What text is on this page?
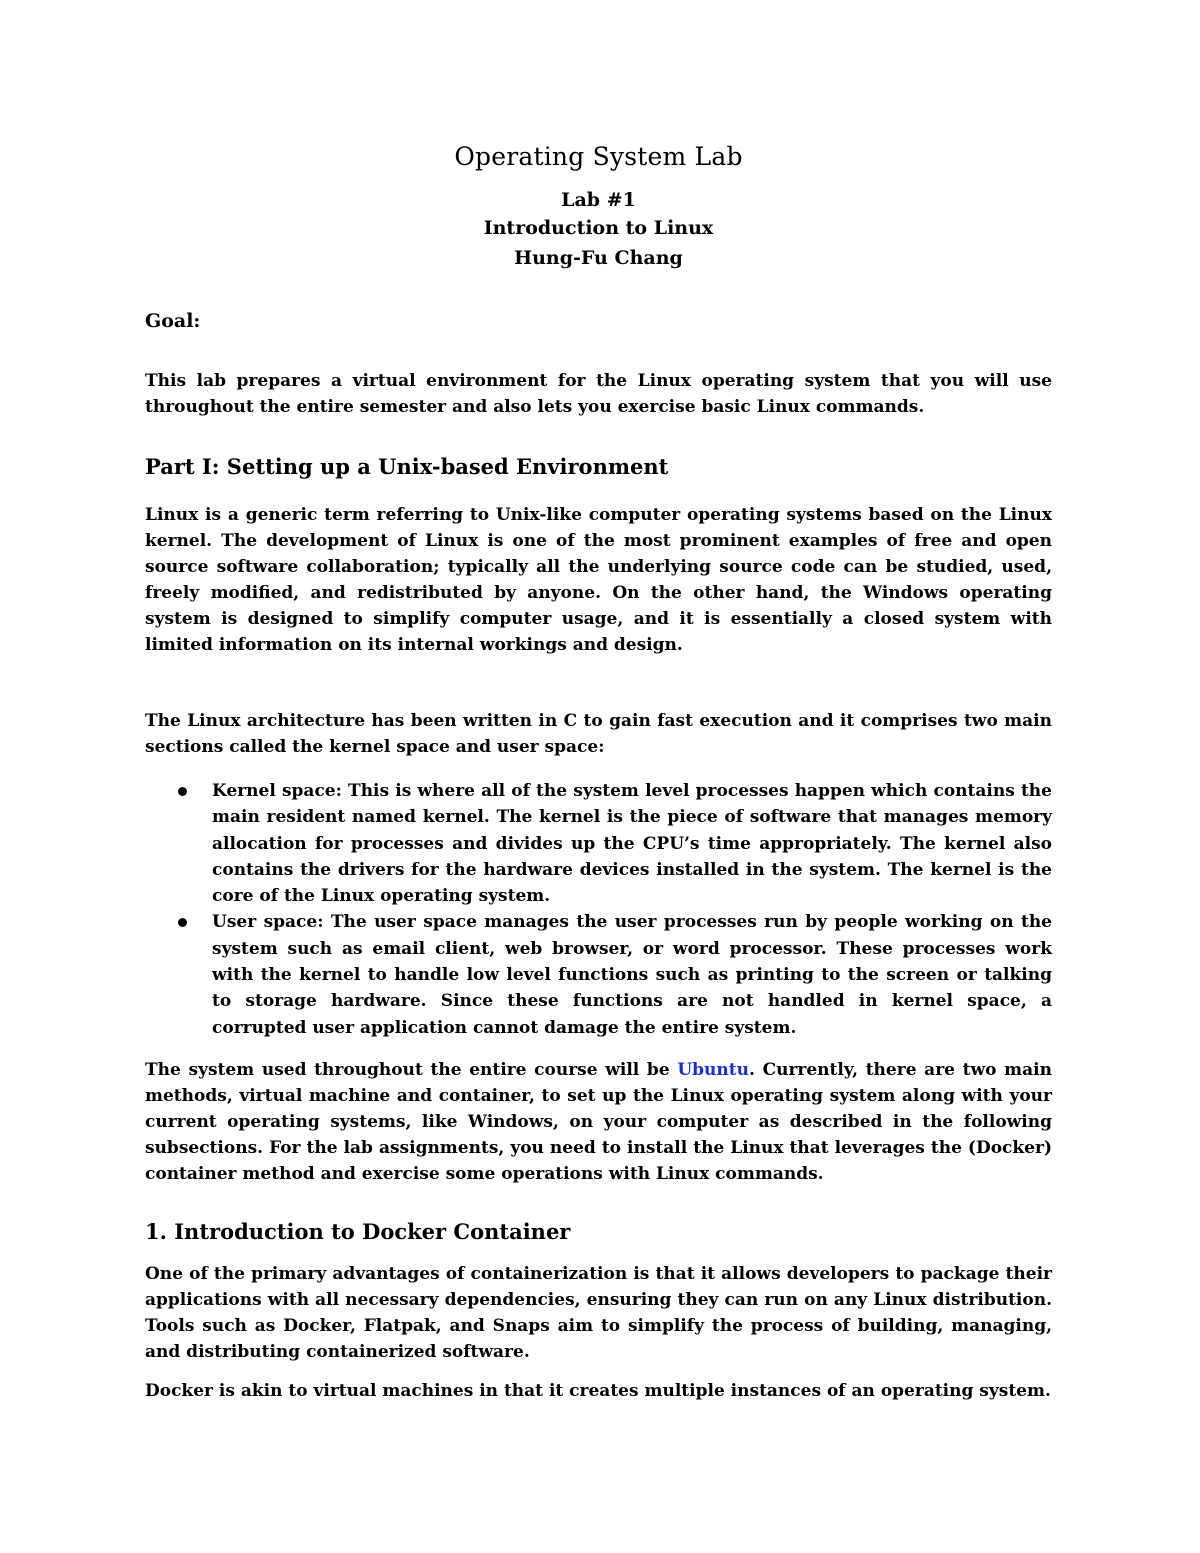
Operating System Lab
Lab #1
Introduction to Linux
Hung-Fu Chang
Goal:

This lab prepares a virtual environment for the Linux operating system that you will use throughout the entire semester and also lets you exercise basic Linux commands.

Part I: Setting up a Unix-based Environment

Linux is a generic term referring to Unix-like computer operating systems based on the Linux kernel. The development of Linux is one of the most prominent examples of free and open source software collaboration; typically all the underlying source code can be studied, used, freely modified, and redistributed by anyone. On the other hand, the Windows operating system is designed to simplify computer usage, and it is essentially a closed system with limited information on its internal workings and design.

The Linux architecture has been written in C to gain fast execution and it comprises two main sections called the kernel space and user space:

Kernel space: This is where all of the system level processes happen which contains the main resident named kernel. The kernel is the piece of software that manages memory allocation for processes and divides up the CPU’s time appropriately. The kernel also contains the drivers for the hardware devices installed in the system. The kernel is the core of the Linux operating system.
User space: The user space manages the user processes run by people working on the system such as email client, web browser, or word processor. These processes work with the kernel to handle low level functions such as printing to the screen or talking to storage hardware. Since these functions are not handled in kernel space, a corrupted user application cannot damage the entire system.

The system used throughout the entire course will be Ubuntu. Currently, there are two main methods, virtual machine and container, to set up the Linux operating system along with your current operating systems, like Windows, on your computer as described in the following subsections. For the lab assignments, you need to install the Linux that leverages the (Docker) container method and exercise some operations with Linux commands.

1. Introduction to Docker Container

One of the primary advantages of containerization is that it allows developers to package their applications with all necessary dependencies, ensuring they can run on any Linux distribution. Tools such as Docker, Flatpak, and Snaps aim to simplify the process of building, managing, and distributing containerized software.

Docker is akin to virtual machines in that it creates multiple instances of an operating system.
